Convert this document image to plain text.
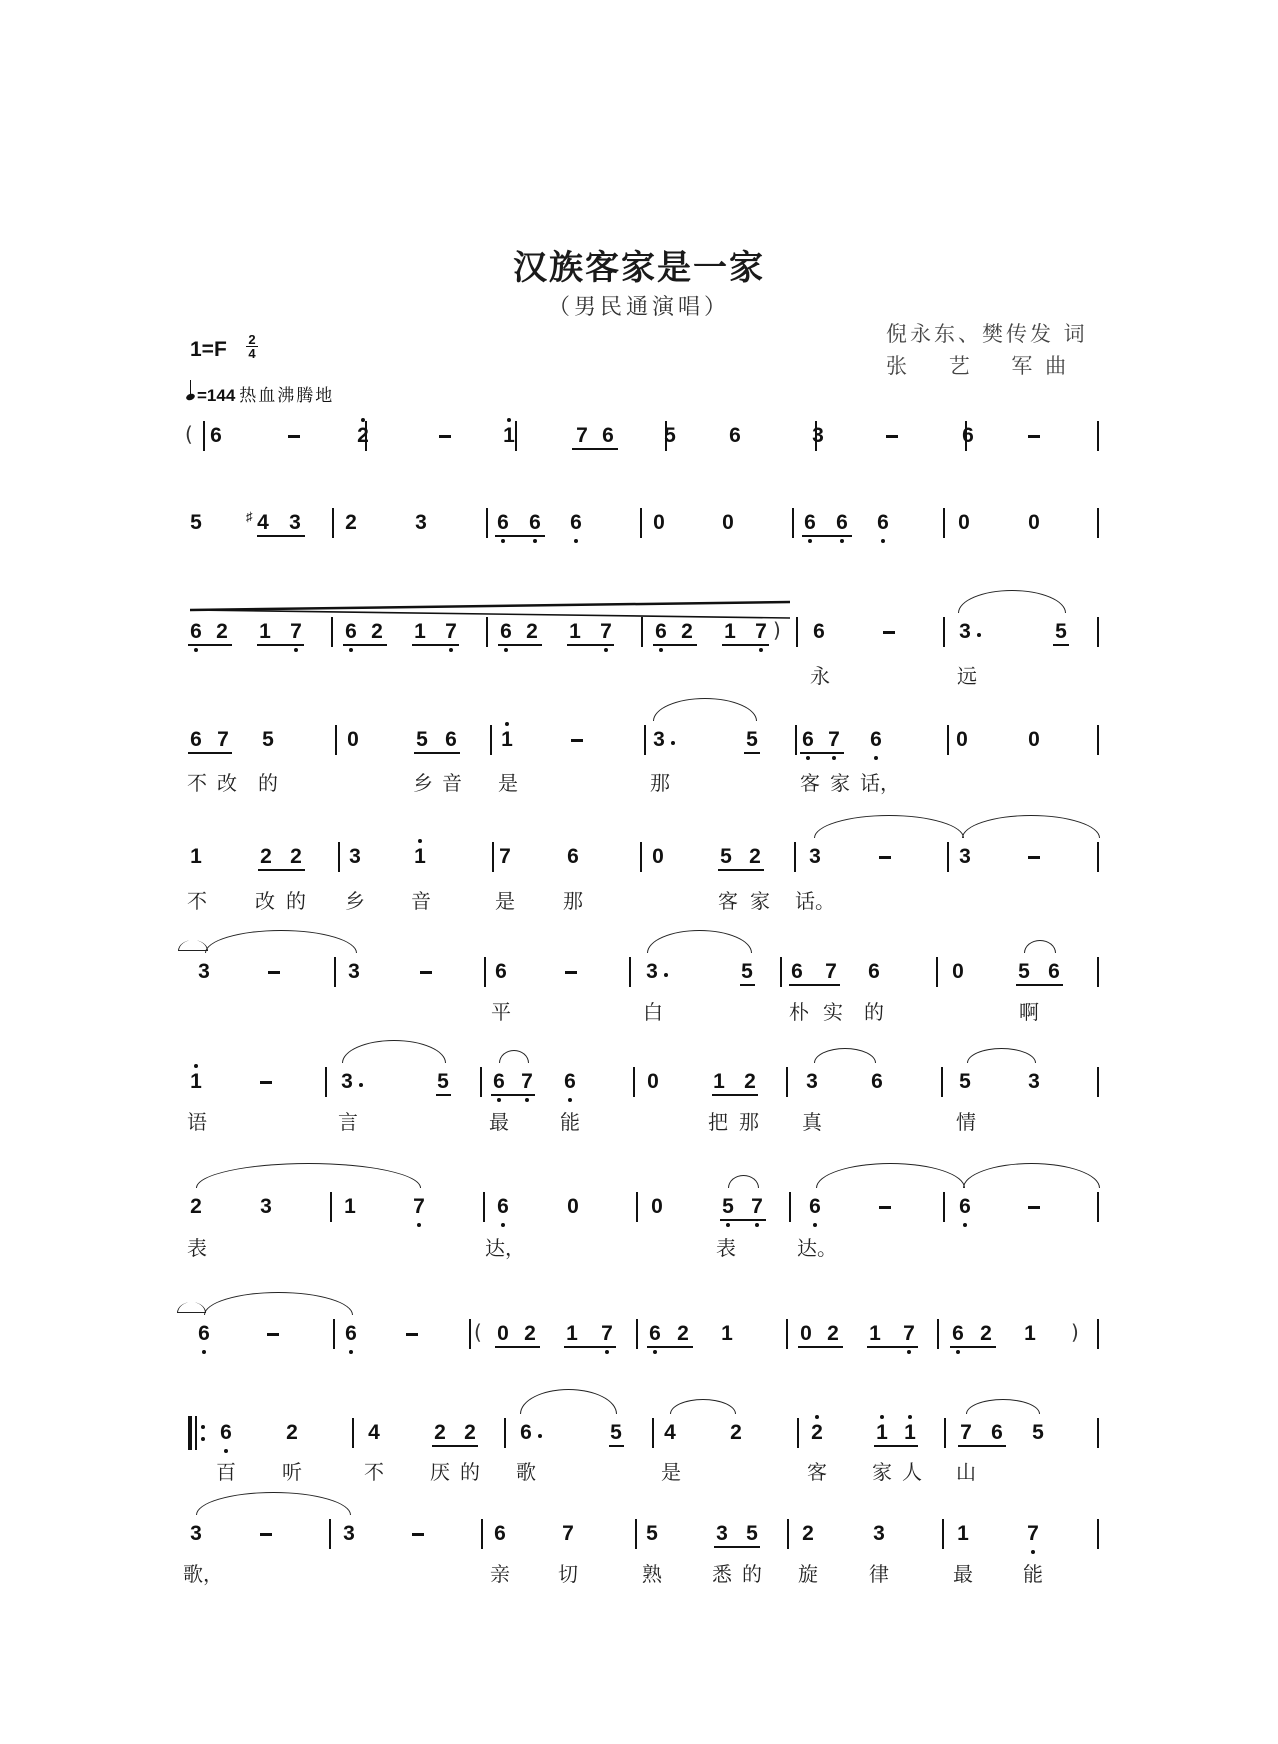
汉族客家是一家
（男民通演唱）
倪永东、樊传发 词
张    艺    军 曲
1=F 2
4
=144 热血沸腾地
( 6	2	1	7 6 5	6	3	6
5	4
♯ 3 2	3	6 6 6	0	0	6 6 6	0	0
)
6 2 1 7 6 2 1 7 6 2 1 7 6 2 1 7 6	3	5
永	远
6 7 5	0	5 6 1	3	5 6 7 6	0	0
不 改 的	乡 音 是	那	客 家 话，
1	2 2 3	1	7	6	0	5 2 3	3
不 改 的 乡 音	是 那	客 家 话。
3	3	6	3	5 6 7 6	0	5 6
平	白	朴 实 的	啊
1	3	5 6 7 6	0	1 2 3	6	5	3
语	言	最	能	把 那 真	情
2	3	1	7	6	0	0	5 7 6	6
表	达，	表	达。
(	)
6	6	0 2 1 7 6 2 1	0 2 1 7 6 2 1
6	2	4	2 2 6	5 4	2	2	1 1 7 6 5
百 听	不 厌 的 歌	是	客 家 人 山
3	3	6	7	5	3 5 2	3	1	7
歌，	亲 切	熟	悉 的 旋	律	最	能
